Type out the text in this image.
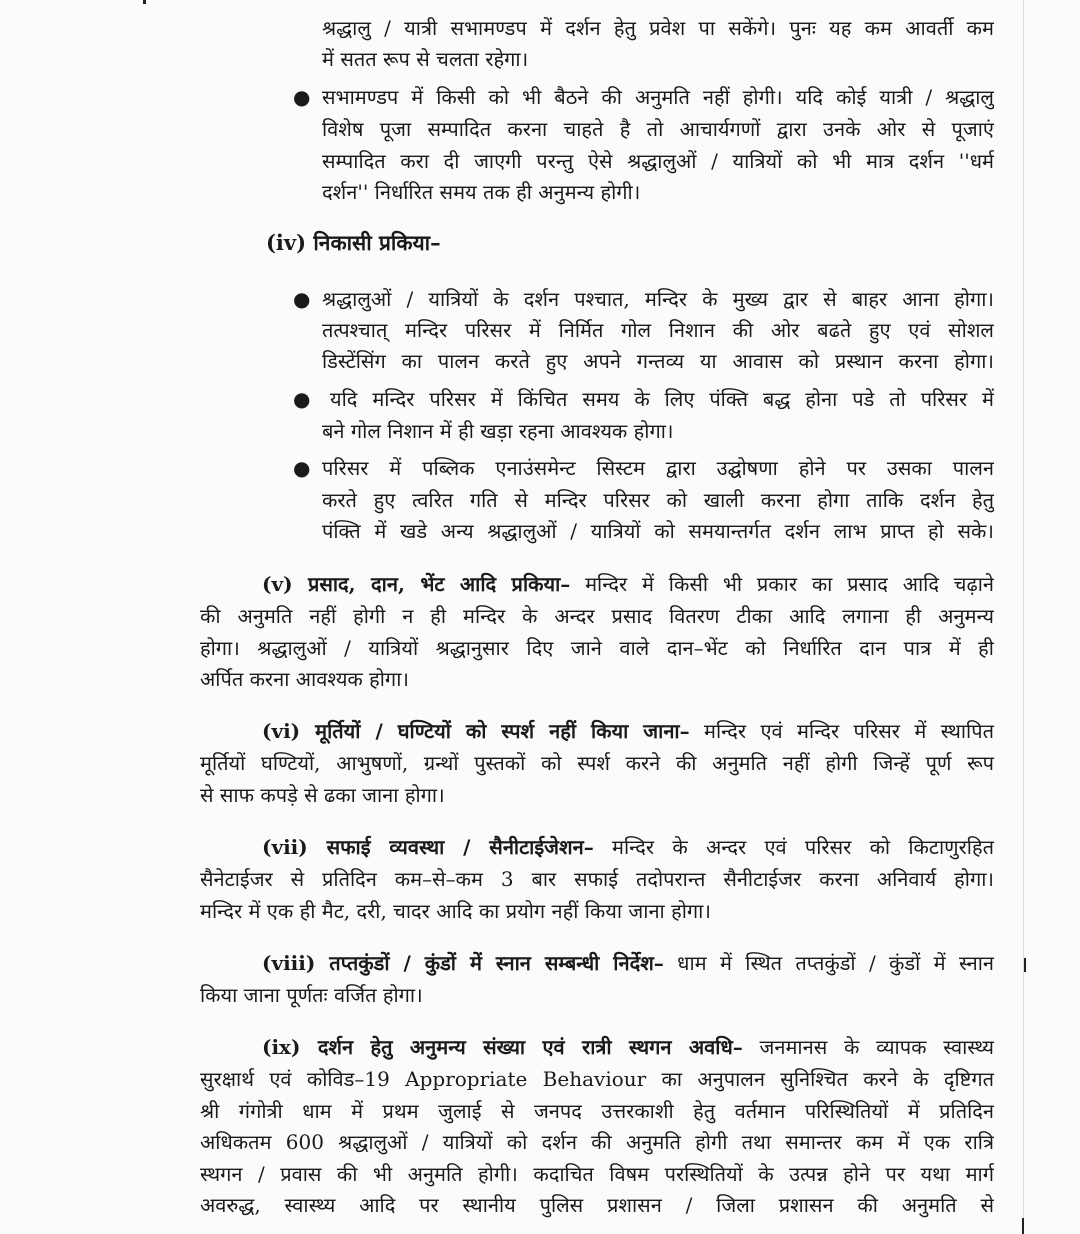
श्रद्धालु / यात्री सभामण्डप में दर्शन हेतु प्रवेश पा सकेंगे। पुनः यह कम आवर्ती कम
में सतत रूप से चलता रहेगा।
● सभामण्डप में किसी को भी बैठने की अनुमति नहीं होगी। यदि कोई यात्री / श्रद्धालु
विशेष पूजा सम्पादित करना चाहते है तो आचार्यगणों द्वारा उनके ओर से पूजाएं
सम्पादित करा दी जाएगी परन्तु ऐसे श्रद्धालुओं / यात्रियों को भी मात्र दर्शन ''धर्म
दर्शन'' निर्धारित समय तक ही अनुमन्य होगी।
(iv) निकासी प्रकिया–
● श्रद्धालुओं / यात्रियों के दर्शन पश्चात, मन्दिर के मुख्य द्वार से बाहर आना होगा।
तत्पश्चात् मन्दिर परिसर में निर्मित गोल निशान की ओर बढते हुए एवं सोशल
डिस्टेंसिंग का पालन करते हुए अपने गन्तव्य या आवास को प्रस्थान करना होगा।
● यदि मन्दिर परिसर में किंचित समय के लिए पंक्ति बद्ध होना पडे तो परिसर में
बने गोल निशान में ही खड़ा रहना आवश्यक होगा।
● परिसर में पब्लिक एनाउंसमेन्ट सिस्टम द्वारा उद्घोषणा होने पर उसका पालन
करते हुए त्वरित गति से मन्दिर परिसर को खाली करना होगा ताकि दर्शन हेतु
पंक्ति में खडे अन्य श्रद्धालुओं / यात्रियों को समयान्तर्गत दर्शन लाभ प्राप्त हो सके।
(v) प्रसाद, दान, भेंट आदि प्रकिया– मन्दिर में किसी भी प्रकार का प्रसाद आदि चढ़ाने
की अनुमति नहीं होगी न ही मन्दिर के अन्दर प्रसाद वितरण टीका आदि लगाना ही अनुमन्य
होगा। श्रद्धालुओं / यात्रियों श्रद्धानुसार दिए जाने वाले दान–भेंट को निर्धारित दान पात्र में ही
अर्पित करना आवश्यक होगा।
(vi) मूर्तियों / घण्टियों को स्पर्श नहीं किया जाना– मन्दिर एवं मन्दिर परिसर में स्थापित
मूर्तियों घण्टियों, आभुषणों, ग्रन्थों पुस्तकों को स्पर्श करने की अनुमति नहीं होगी जिन्हें पूर्ण रूप
से साफ कपड़े से ढका जाना होगा।
(vii) सफाई व्यवस्था / सैनीटाईजेशन– मन्दिर के अन्दर एवं परिसर को किटाणुरहित
सैनेटाईजर से प्रतिदिन कम–से–कम 3 बार सफाई तदोपरान्त सैनीटाईजर करना अनिवार्य होगा।
मन्दिर में एक ही मैट, दरी, चादर आदि का प्रयोग नहीं किया जाना होगा।
(viii) तप्तकुंडों / कुंडों में स्नान सम्बन्धी निर्देश– धाम में स्थित तप्तकुंडों / कुंडों में स्नान
किया जाना पूर्णतः वर्जित होगा।
(ix) दर्शन हेतु अनुमन्य संख्या एवं रात्री स्थगन अवधि– जनमानस के व्यापक स्वास्थ्य
सुरक्षार्थ एवं कोविड–19 Appropriate Behaviour का अनुपालन सुनिश्चित करने के दृष्टिगत
श्री गंगोत्री धाम में प्रथम जुलाई से जनपद उत्तरकाशी हेतु वर्तमान परिस्थितियों में प्रतिदिन
अधिकतम 600 श्रद्धालुओं / यात्रियों को दर्शन की अनुमति होगी तथा समान्तर कम में एक रात्रि
स्थगन / प्रवास की भी अनुमति होगी। कदाचित विषम परस्थितियों के उत्पन्न होने पर यथा मार्ग
अवरुद्ध, स्वास्थ्य आदि पर स्थानीय पुलिस प्रशासन / जिला प्रशासन की अनुमति से
